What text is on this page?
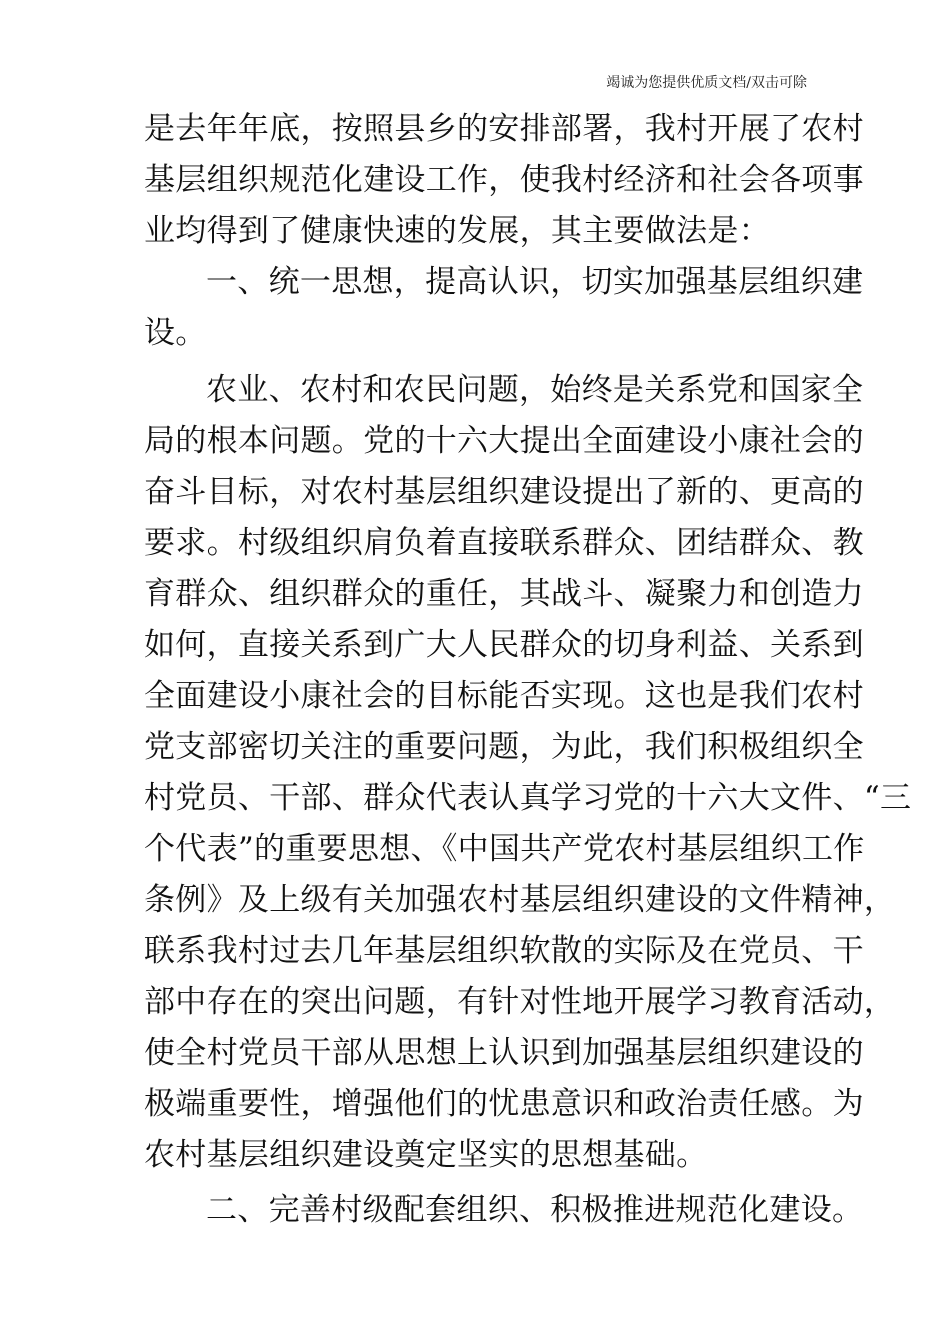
竭诚为您提供优质文档/双击可除
是去年年底，按照县乡的安排部署，我村开展了农村
基层组织规范化建设工作，使我村经济和社会各项事
业均得到了健康快速的发展，其主要做法是：
一、统一思想，提高认识，切实加强基层组织建
设。
农业、农村和农民问题，始终是关系党和国家全
局的根本问题。党的十六大提出全面建设小康社会的
奋斗目标，对农村基层组织建设提出了新的、更高的
要求。村级组织肩负着直接联系群众、团结群众、教
育群众、组织群众的重任，其战斗、凝聚力和创造力
如何，直接关系到广大人民群众的切身利益、关系到
全面建设小康社会的目标能否实现。这也是我们农村
党支部密切关注的重要问题，为此，我们积极组织全
村党员、干部、群众代表认真学习党的十六大文件、“三
个代表”的重要思想、《中国共产党农村基层组织工作
条例》及上级有关加强农村基层组织建设的文件精神，
联系我村过去几年基层组织软散的实际及在党员、干
部中存在的突出问题，有针对性地开展学习教育活动，
使全村党员干部从思想上认识到加强基层组织建设的
极端重要性，增强他们的忧患意识和政治责任感。为
农村基层组织建设奠定坚实的思想基础。
二、完善村级配套组织、积极推进规范化建设。
